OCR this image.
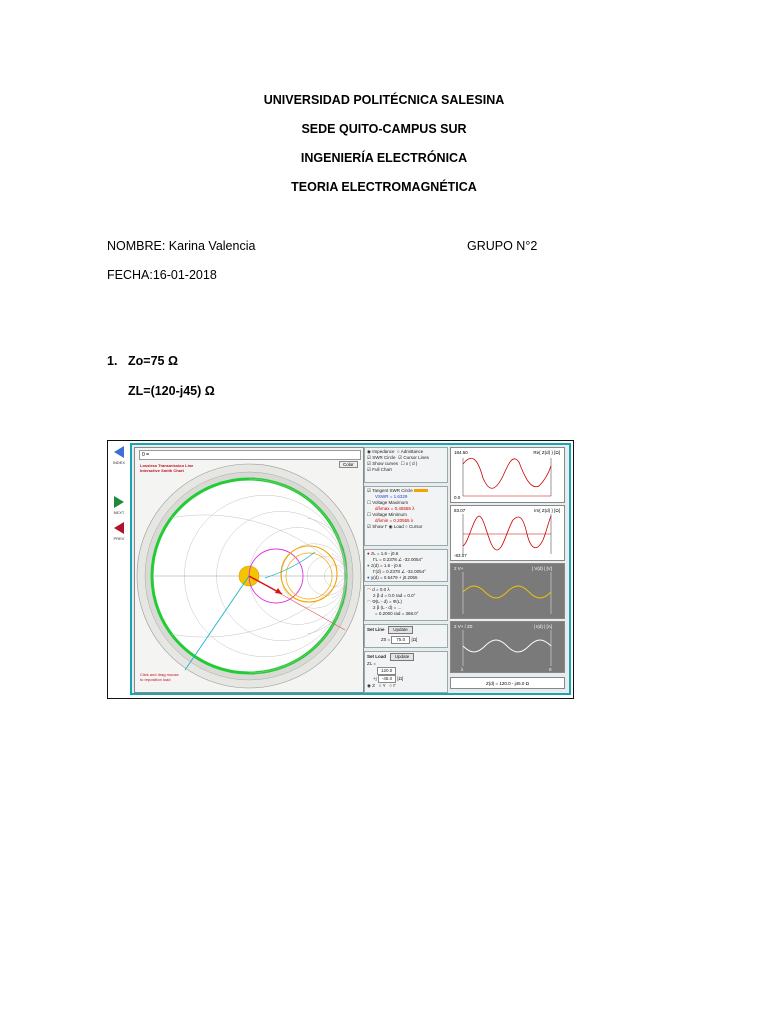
UNIVERSIDAD POLITÉCNICA SALESINA
SEDE QUITO-CAMPUS SUR
INGENIERÍA ELECTRÓNICA
TEORIA ELECTROMAGNÉTICA
NOMBRE: Karina Valencia	GRUPO N°2
FECHA:16-01-2018
1. Zo=75 Ω
ZL=(120-j45) Ω
INDEX
NEXT
PREV
0 =
Color
Lossless Transmission Line
Interactive Smith Chart
Click and drag mouse
to reposition load
◉ Impedance ○ Admittance
☑ SWR Circle ☑ Cursor Lines
☑ Show curves ☐ x ( d )
☑ Full Chart
☑ Tangent SWR Circle
VSWR = 1.6329
☐ Voltage Maximum
d/λmax = 0.45555 λ
☐ Voltage Minimum
d/λmin = 0.20555 λ
☑ Show Γ ◉ Load ○ Cursor
● zL = 1.6 - j0.6
ΓL = 0.2378 ∠ -32.0054°
● z(d) = 1.6 - j0.6
Γ(d) = 0.2378 ∠ -32.0054°
● y(d) = 0.5479 + j0.2055
◠ d = 0.0 λ
2 β d = 0.0 rad = 0.0°
◠ Φ(L - d) = Φ(L)
2 β (L - d) = ...
= 0.2000 rad = 368.0°
Set Line Update
Z0 = 75.0 [Ω]
Set Load Update
ZL =
120.0
+j -45.0 [Ω]
◉ Z ○ Y ○ Γ
184.50	Re{ Z(d) } [Ω]
0.0
83.07	Im{ Z(d) } [Ω]
-83.07
2 V+	| V(d) | [V]
2 V+ / Z0	| I(d) | [A]
λ	0
Z(d) = 120.0 - j45.0 Ω
